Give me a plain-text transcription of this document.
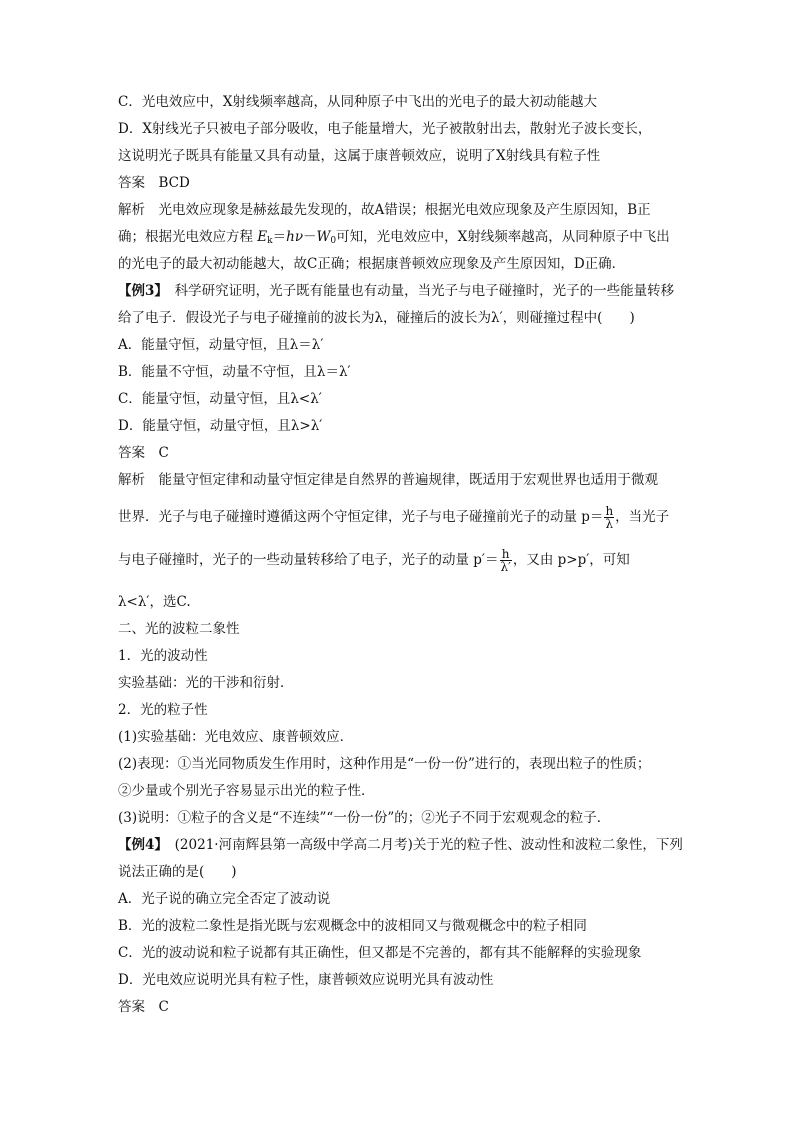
C．光电效应中，X射线频率越高，从同种原子中飞出的光电子的最大初动能越大
D．X射线光子只被电子部分吸收，电子能量增大，光子被散射出去，散射光子波长变长，
这说明光子既具有能量又具有动量，这属于康普顿效应，说明了X射线具有粒子性
答案　BCD
解析　光电效应现象是赫兹最先发现的，故A错误；根据光电效应现象及产生原因知，B正
确；根据光电效应方程 $E_k=h\nu-W_0$可知，光电效应中，X射线频率越高，从同种原子中飞出
的光电子的最大初动能越大，故C正确；根据康普顿效应现象及产生原因知，D正确．
【例3】　科学研究证明，光子既有能量也有动量，当光子与电子碰撞时，光子的一些能量转移
给了电子．假设光子与电子碰撞前的波长为λ，碰撞后的波长为λ′，则碰撞过程中(　　)
A．能量守恒，动量守恒，且λ＝λ′
B．能量不守恒，动量不守恒，且λ＝λ′
C．能量守恒，动量守恒，且λ<λ′
D．能量守恒，动量守恒，且λ>λ′
答案　C
解析　能量守恒定律和动量守恒定律是自然界的普遍规律，既适用于宏观世界也适用于微观
世界．光子与电子碰撞时遵循这两个守恒定律，光子与电子碰撞前光子的动量 $p= \frac{h}{\lambda}$ ，当光子
与电子碰撞时，光子的一些动量转移给了电子，光子的动量 $p'= \frac{h}{\lambda'}$ ，又由 p>p′，可知
λ<λ′，选C.
二、光的波粒二象性
1．光的波动性
实验基础：光的干涉和衍射．
2．光的粒子性
(1)实验基础：光电效应、康普顿效应．
(2)表现：①当光同物质发生作用时，这种作用是“一份一份”进行的，表现出粒子的性质；
②少量或个别光子容易显示出光的粒子性．
(3)说明：①粒子的含义是“不连续”“一份一份”的；②光子不同于宏观观念的粒子．
【例4】　(2021·河南辉县第一高级中学高二月考)关于光的粒子性、波动性和波粒二象性，下列
说法正确的是(　　)
A．光子说的确立完全否定了波动说
B．光的波粒二象性是指光既与宏观概念中的波相同又与微观概念中的粒子相同
C．光的波动说和粒子说都有其正确性，但又都是不完善的，都有其不能解释的实验现象
D．光电效应说明光具有粒子性，康普顿效应说明光具有波动性
答案　C
